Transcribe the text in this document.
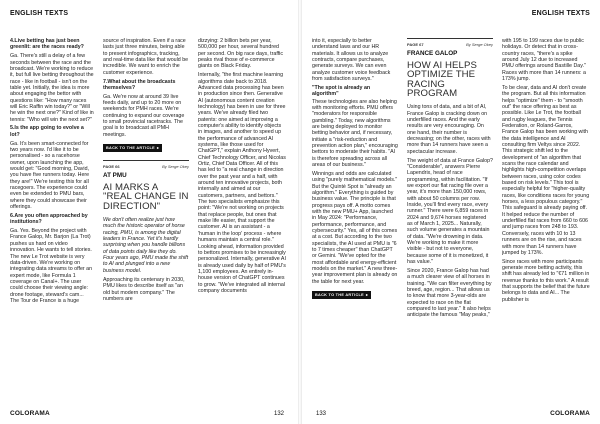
ENGLISH TEXTS

4.Live betting has just been greenlit: are the races ready?

Ga. There's still a delay of a few seconds between the race and the broadcast. We're working to reduce it, but full live betting throughout the race - like in football - isn't on the table yet. Initially, the idea is more about engaging the bettor with questions like: "How many races will Eric Raffin win today?" or "Will he win the next one?" Kind of like in tennis: "Who will win the next set?"

5.Is the app going to evolve a lot?

Ga. It's been smart-connected for two years now. I'd like it to be personalised - so a racehorse owner, upon launching the app, would get: "Good morning, David, you have five runners today. Here they are!" We're testing this for all racegoers. The experience could even be extended to PMU bars, where they could showcase their offerings.

6.Are you often approached by institutions?

Ga. Yes. Beyond the project with France Galop, Mr. Barjon (La Trot) pushes us hard on video innovation. He wants to tell stories. The new Le Trot website is very data-driven. We're working on integrating data streams to offer an expert mode, like Formula 1 coverage on Canal+. The user could choose their viewing angle: drone footage, steward's cam... The Tour de France is a huge

source of inspiration. Even if a race lasts just three minutes, being able to present infographics, tracking, and real-time data like that would be incredible. We want to enrich the customer experience.

7.What about the broadcasts themselves?

Ga. We're now at around 39 live feeds daily, and up to 20 more on weekends for PMH races. We're continuing to expand our coverage to small provincial racetracks. The goal is to broadcast all PMH meetings.

BACK TO THE ARTICLE ▸
PAGE 66	By Serge Okey
AT PMU
AI MARKS A "REAL CHANGE IN DIRECTION"

We don't often realize just how much the historic operator of horse racing, PMU, is among the digital leaders in France. Yet it's hardly surprising when you handle billions of data points daily like they do. Four years ago, PMU made the shift to AI and plunged into a new business model.

Approaching its centenary in 2030, PMU likes to describe itself as "an old but modern company." The numbers are

dizzying: 2 billion bets per year, 500,000 per hour, several hundred per second. On big race days, traffic peaks rival those of e-commerce giants on Black Friday.

Internally, "the first machine learning algorithms date back to 2018. Advanced data processing has been in production since then. Generative AI (autonomous content creation technology) has been in use for three years. We've already filed two patents: one aimed at improving a computer's ability to identify objects in images, and another to speed up the performance of advanced AI systems, like those used for ChatGPT," explain Anthony Hyvert, Chief Technology Officer, and Nicolas Ortiz, Chief Data Officer. All of this has led to "a real change in direction over the past year and a half, with around ten innovative projects, both internally and aimed at our customers, partners, and bettors." The two specialists emphasize this point: "We're not working on projects that replace people, but ones that make life easier, that support the customer. AI is an assistant - a 'human in the loop' process - where humans maintain a central role." Looking ahead, information provided to bettors promises to be increasingly personalized. Internally, generative AI is already used daily by half of PMU's 1,100 employees. An entirely in-house version of ChatGPT continues to grow. "We've integrated all internal company documents

COLORAMA	132
ENGLISH TEXTS

into it, especially to better understand laws and our HR materials. It allows us to analyze contracts, compare purchases, generate surveys. We can even analyze customer voice feedback from satisfaction surveys."

"The spot is already an algorithm"

These technologies are also helping with monitoring efforts. PMU offers "moderators for responsible gambling." Today, new algorithms are being deployed to monitor betting behavior and, if necessary, initiate a "risk-reduction and prevention action plan," encouraging bettors to moderate their habits. "AI is therefore spreading across all areas of our business."

Winnings and odds are calculated using "purely mathematical models." But the Quinté Spot is "already an algorithm." Everything is guided by business value. The principle is that progress pays off. A motto comes with the new PMU+ App, launched in May 2024: "Performance, performance, performance, and cybersecurity." Yes, all of this comes at a cost. But according to the two specialists, the AI used at PMU is "6 to 7 times cheaper" than ChatGPT or Gemini. "We've opted for the most affordable and energy-efficient models on the market." A new three-year improvement plan is already on the table for next year.

BACK TO THE ARTICLE ▸
PAGE 67	By Serge Okey
FRANCE GALOP
HOW AI HELPS OPTIMIZE THE RACING PROGRAM

Using tons of data, and a bit of AI, France Galop is cracking down on underfilled races. And the early results are very encouraging. On one hand, their number is decreasing; on the other, races with more than 14 runners have seen a spectacular increase.

The weight of data at France Galop? "Considerable", answers Pierre Lapendrix, head of race programming, within facilitation. "If we export our flat racing file over a year, it's more than 150,000 rows, with about 50 columns per row. Inside, you'll find every race, every runner." There were 6,859 races in 2024 and 9,674 horses registered as of March 1, 2025... Naturally, such volume generates a mountain of data. "We're drowning in data. We're working to make it more visible - but not to everyone, because some of it is monetized, it has value."

Since 2020, France Galop has had a much clearer view of all horses in training. "We can filter everything by breed, age, region... That allows us to know that more 3-year-olds are expected to race on the flat compared to last year." It also helps anticipate the famous "May peaks,"

with 195 to 199 races due to public holidays. Or detect that in cross-country races, "there's a spike around July 12 due to increased PMU offerings around Bastille Day." Races with more than 14 runners: a 173% jump.

To be clear, data and AI don't create the program. But all this information helps "optimize" them - to "smooth out" the race offering as best as possible. Like Le Trot, the football and rugby leagues, the Tennis Federation, or Roland-Garros, France Galop has been working with the data intelligence and AI consulting firm Veltys since 2022. This strategic shift led to the development of "an algorithm that scans the race calendar and highlights high-competition overlaps between races, using color codes based on risk levels." This tool is especially helpful for "higher-quality races, like conditions races for young horses, a less populous category." This safeguard is already paying off. It helped reduce the number of underfilled flat races from 660 to 606 and jump races from 248 to 193. Conversely, races with 10 to 13 runners are on the rise, and races with more than 14 runners have jumped by 173%.

Since races with more participants generate more betting activity, this shift has already led to "€71 million in revenue thanks to this work." A result that supports the belief that the future belongs to data and AI... The publisher is

133	COLORAMA
